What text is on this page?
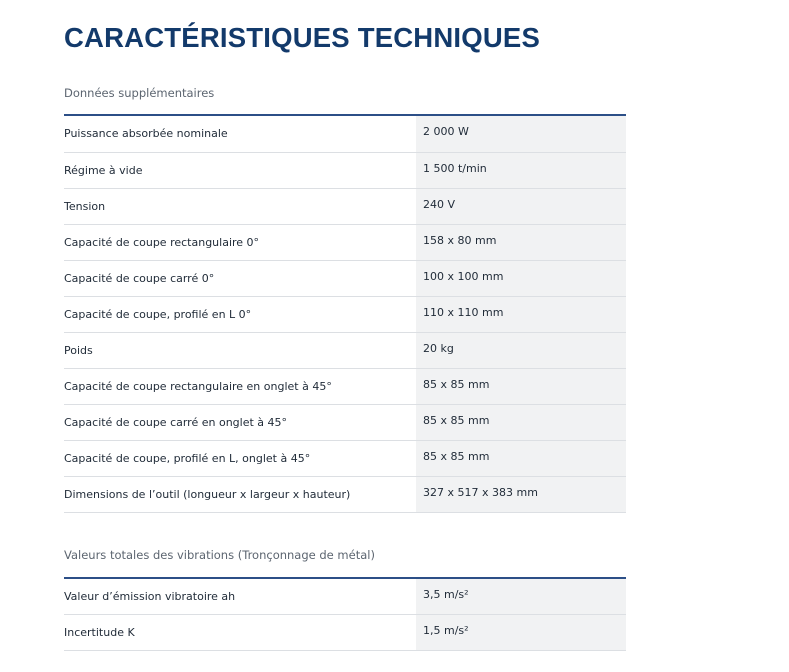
CARACTÉRISTIQUES TECHNIQUES
Données supplémentaires
Puissance absorbée nominale	2 000 W
Régime à vide	1 500 t/min
Tension	240 V
Capacité de coupe rectangulaire 0°	158 x 80 mm
Capacité de coupe carré 0°	100 x 100 mm
Capacité de coupe, profilé en L 0°	110 x 110 mm
Poids	20 kg
Capacité de coupe rectangulaire en onglet à 45°	85 x 85 mm
Capacité de coupe carré en onglet à 45°	85 x 85 mm
Capacité de coupe, profilé en L, onglet à 45°	85 x 85 mm
Dimensions de l’outil (longueur x largeur x hauteur)	327 x 517 x 383 mm
Valeurs totales des vibrations (Tronçonnage de métal)
Valeur d’émission vibratoire ah	3,5 m/s²
Incertitude K	1,5 m/s²
